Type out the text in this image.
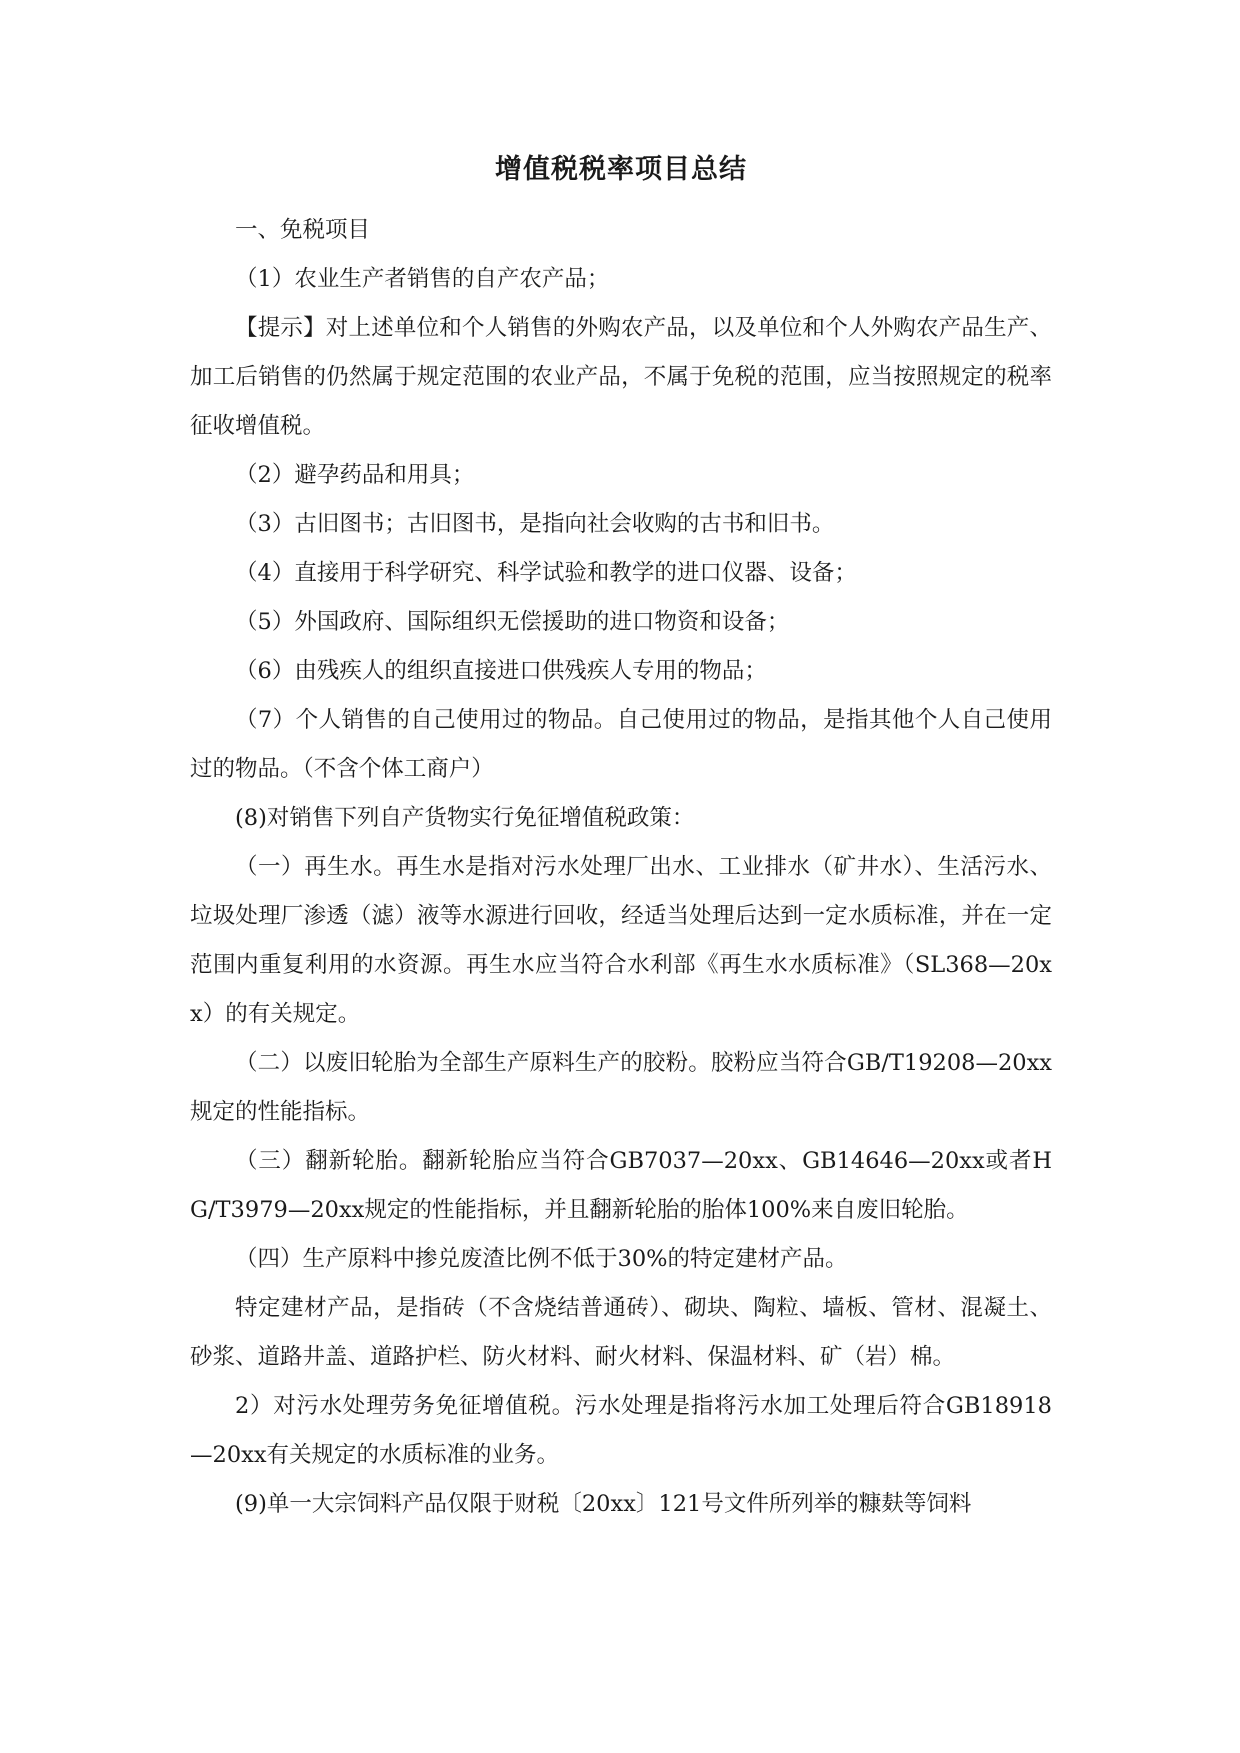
增值税税率项目总结

一、免税项目

（1）农业生产者销售的自产农产品；

【提示】对上述单位和个人销售的外购农产品，以及单位和个人外购农产品生产、加工后销售的仍然属于规定范围的农业产品，不属于免税的范围，应当按照规定的税率征收增值税。

（2）避孕药品和用具；

（3）古旧图书；古旧图书，是指向社会收购的古书和旧书。

（4）直接用于科学研究、科学试验和教学的进口仪器、设备；

（5）外国政府、国际组织无偿援助的进口物资和设备；

（6）由残疾人的组织直接进口供残疾人专用的物品；

（7）个人销售的自己使用过的物品。自己使用过的物品，是指其他个人自己使用过的物品。（不含个体工商户）

(8)对销售下列自产货物实行免征增值税政策：

（一）再生水。再生水是指对污水处理厂出水、工业排水（矿井水）、生活污水、垃圾处理厂渗透（滤）液等水源进行回收，经适当处理后达到一定水质标准，并在一定范围内重复利用的水资源。再生水应当符合水利部《再生水水质标准》（SL368—20xx）的有关规定。

（二）以废旧轮胎为全部生产原料生产的胶粉。胶粉应当符合GB/T19208—20xx规定的性能指标。

（三）翻新轮胎。翻新轮胎应当符合GB7037—20xx、GB14646—20xx或者HG/T3979—20xx规定的性能指标，并且翻新轮胎的胎体100%来自废旧轮胎。

（四）生产原料中掺兑废渣比例不低于30%的特定建材产品。

特定建材产品，是指砖（不含烧结普通砖）、砌块、陶粒、墙板、管材、混凝土、砂浆、道路井盖、道路护栏、防火材料、耐火材料、保温材料、矿（岩）棉。

2）对污水处理劳务免征增值税。污水处理是指将污水加工处理后符合GB18918—20xx有关规定的水质标准的业务。

(9)单一大宗饲料产品仅限于财税〔20xx〕121号文件所列举的糠麸等饲料
